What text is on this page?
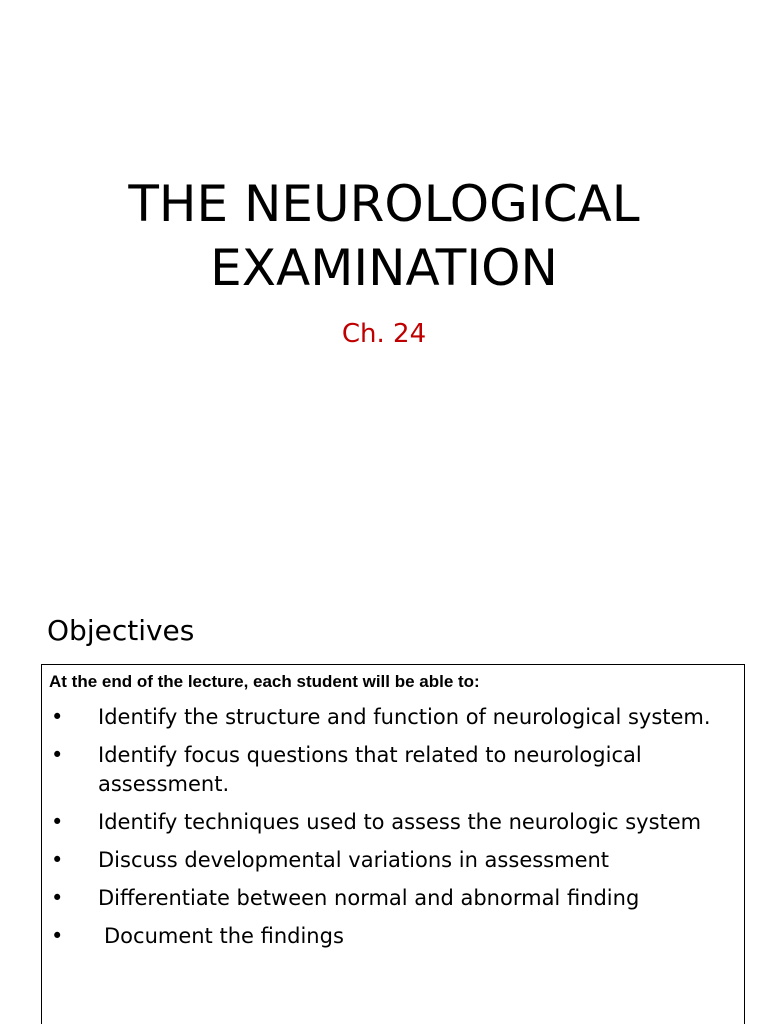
THE NEUROLOGICAL
EXAMINATION

Ch. 24

Objectives
At the end of the lecture, each student will be able to:
• Identify the structure and function of neurological system.
• Identify focus questions that related to neurological assessment.
• Identify techniques used to assess the neurologic system
• Discuss developmental variations in assessment
• Differentiate between normal and abnormal finding
• Document the findings
